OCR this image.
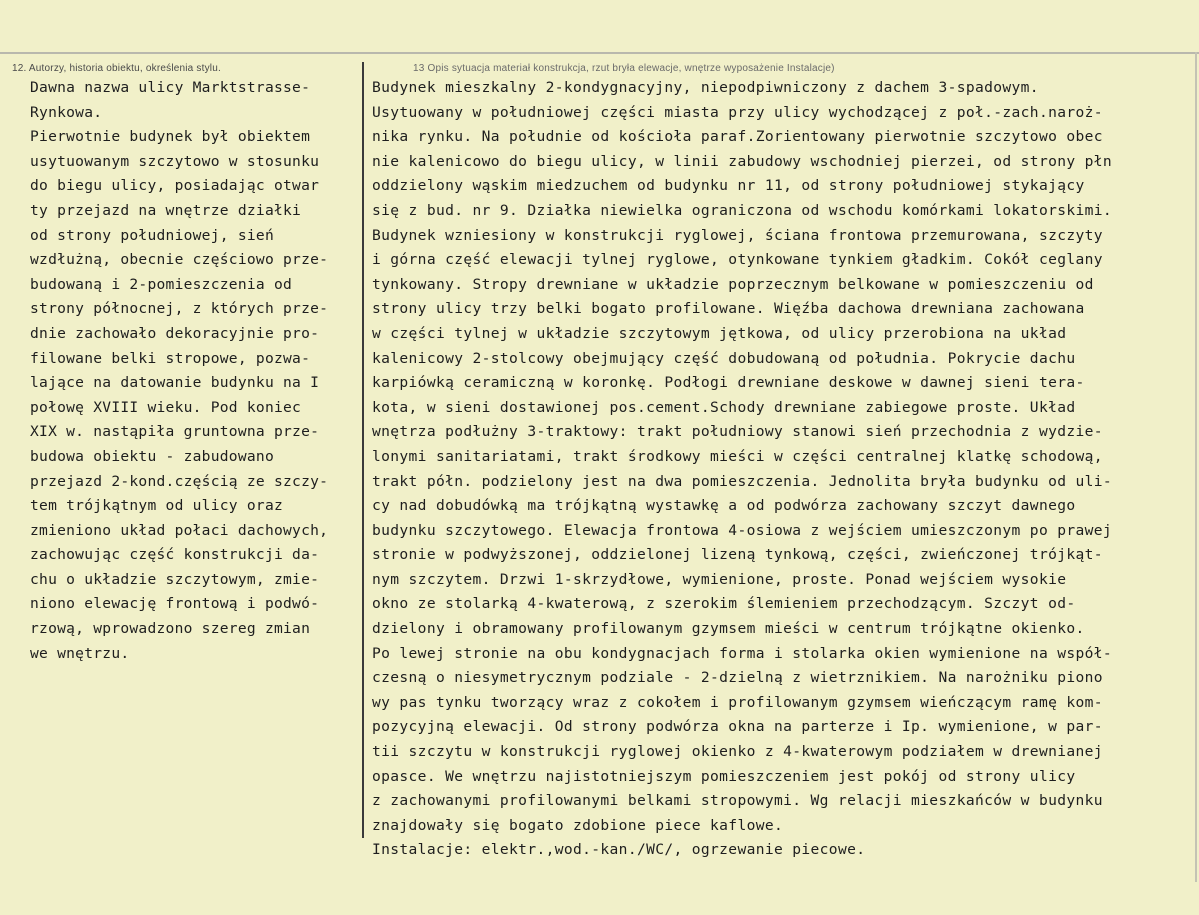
12. Autorzy, historia obiektu, określenia stylu.	13 Opis sytuacja materiał konstrukcja, rzut bryła elewacje, wnętrze wyposażenie Instalacje)
Dawna nazwa ulicy Marktstrasse-
Rynkowa.
Pierwotnie budynek był obiektem
usytuowanym szczytowo w stosunku
do biegu ulicy, posiadając otwar
ty przejazd na wnętrze działki
od strony południowej, sień
wzdłużną, obecnie częściowo prze-
budowaną i 2-pomieszczenia od
strony północnej, z których prze-
dnie zachowało dekoracyjnie pro-
filowane belki stropowe, pozwa-
lające na datowanie budynku na I
połowę XVIII wieku. Pod koniec
XIX w. nastąpiła gruntowna prze-
budowa obiektu - zabudowano
przejazd 2-kond.częścią ze szczy-
tem trójkątnym od ulicy oraz
zmieniono układ połaci dachowych,
zachowując część konstrukcji da-
chu o układzie szczytowym, zmie-
niono elewację frontową i podwó-
rzową, wprowadzono szereg zmian
we wnętrzu.
Budynek mieszkalny 2-kondygnacyjny, niepodpiwniczony z dachem 3-spadowym.
Usytuowany w południowej części miasta przy ulicy wychodzącej z poł.-zach.naroż-
nika rynku. Na południe od kościoła paraf.Zorientowany pierwotnie szczytowo obec
nie kalenicowo do biegu ulicy, w linii zabudowy wschodniej pierzei, od strony płn
oddzielony wąskim miedzuchem od budynku nr 11, od strony południowej stykający
się z bud. nr 9. Działka niewielka ograniczona od wschodu komórkami lokatorskimi.
Budynek wzniesiony w konstrukcji ryglowej, ściana frontowa przemurowana, szczyty
i górna część elewacji tylnej ryglowe, otynkowane tynkiem gładkim. Cokół ceglany
tynkowany. Stropy drewniane w układzie poprzecznym belkowane w pomieszczeniu od
strony ulicy trzy belki bogato profilowane. Więźba dachowa drewniana zachowana
w części tylnej w układzie szczytowym jętkowa, od ulicy przerobiona na układ
kalenicowy 2-stolcowy obejmujący część dobudowaną od południa. Pokrycie dachu
karpiówką ceramiczną w koronkę. Podłogi drewniane deskowe w dawnej sieni tera-
kota, w sieni dostawionej pos.cement.Schody drewniane zabiegowe proste. Układ
wnętrza podłużny 3-traktowy: trakt południowy stanowi sień przechodnia z wydzie-
lonymi sanitariatami, trakt środkowy mieści w części centralnej klatkę schodową,
trakt półn. podzielony jest na dwa pomieszczenia. Jednolita bryła budynku od uli-
cy nad dobudówką ma trójkątną wystawkę a od podwórza zachowany szczyt dawnego
budynku szczytowego. Elewacja frontowa 4-osiowa z wejściem umieszczonym po prawej
stronie w podwyższonej, oddzielonej lizeną tynkową, części, zwieńczonej trójkąt-
nym szczytem. Drzwi 1-skrzydłowe, wymienione, proste. Ponad wejściem wysokie
okno ze stolarką 4-kwaterową, z szerokim ślemieniem przechodzącym. Szczyt od-
dzielony i obramowany profilowanym gzymsem mieści w centrum trójkątne okienko.
Po lewej stronie na obu kondygnacjach forma i stolarka okien wymienione na współ-
czesną o niesymetrycznym podziale - 2-dzielną z wietrznikiem. Na narożniku piono
wy pas tynku tworzący wraz z cokołem i profilowanym gzymsem wieńczącym ramę kom-
pozycyjną elewacji. Od strony podwórza okna na parterze i Ip. wymienione, w par-
tii szczytu w konstrukcji ryglowej okienko z 4-kwaterowym podziałem w drewnianej
opasce. We wnętrzu najistotniejszym pomieszczeniem jest pokój od strony ulicy
z zachowanymi profilowanymi belkami stropowymi. Wg relacji mieszkańców w budynku
znajdowały się bogato zdobione piece kaflowe.
Instalacje: elektr.,wod.-kan./WC/, ogrzewanie piecowe.
